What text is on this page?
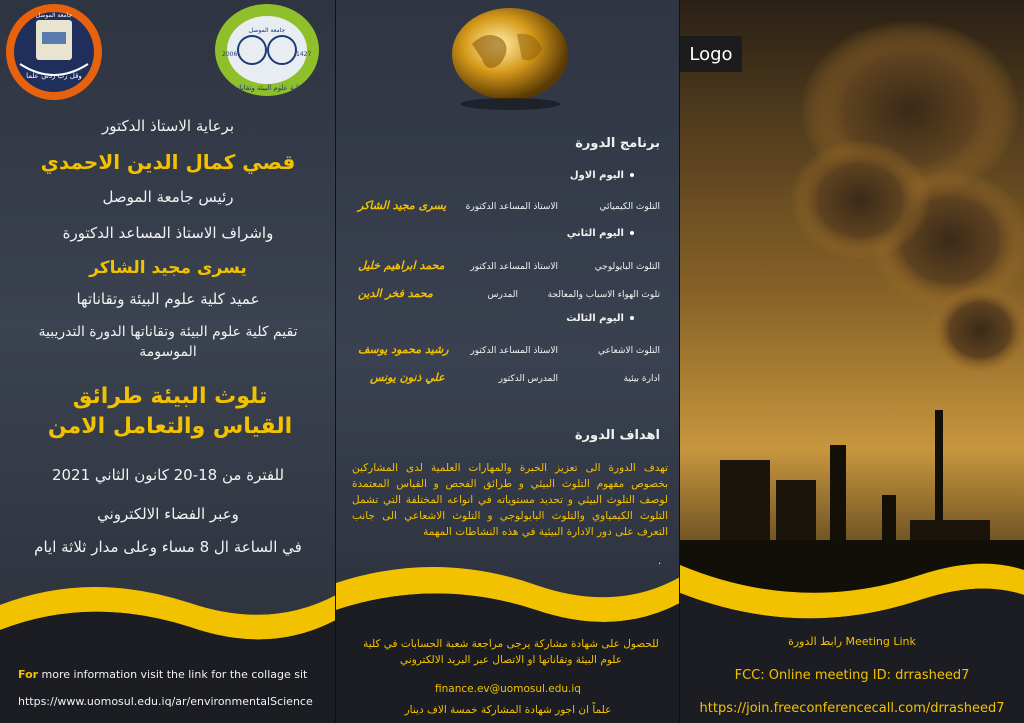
وقل رب زدني علما
جامعة الموصل
كلية علوم البيئة وتقاناتها
2006	1427
جامعة الموصل
برعاية الاستاذ الدكتور
قصي كمال الدين الاحمدي
رئيس جامعة الموصل
واشراف الاستاذ المساعد الدكتورة
يسرى مجيد الشاكر
عميد كلية علوم البيئة وتقاناتها
تقيم كلية علوم البيئة وتقاناتها الدورة التدريبية الموسومة
تلوث البيئة طرائق القياس والتعامل الامن
للفترة من 18-20 كانون الثاني 2021
وعبر الفضاء الالكتروني
في الساعة ال 8 مساء وعلى مدار ثلاثة ايام
For more information visit the link for the collage sit
https://www.uomosul.edu.iq/ar/environmentalScience
برنامج الدورة
اليوم الاول
التلوث الكيميائي
الاستاذ المساعد الدكتورة
يسرى مجيد الشاكر
اليوم الثاني
التلوث البايولوجي
الاستاذ المساعد الدكتور
محمد ابراهيم خليل
تلوث الهواء الاسباب والمعالجة
المدرس
محمد فخر الدين
اليوم الثالث
التلوث الاشعاعي
الاستاذ المساعد الدكتور
رشيد محمود يوسف
ادارة بيئية
المدرس الدكتور
علي ذنون يونس
اهداف الدورة
تهدف الدورة الى تعزيز الخبرة والمهارات العلمية لدى المشاركين بخصوص مفهوم التلوث البيئي و طرائق الفحص و القياس المعتمدة لوصف التلوث البيئي و تحديد مستوياته في انواعه المختلفة التي تشمل التلوث الكيمياوي والتلوث البايولوجي و التلوث الاشعاعي الى جانب التعرف على دور الادارة البيئية في هذه النشاطات المهمة
.
للحصول على شهادة مشاركة يرجى مراجعة شعبة الحسابات في كلية علوم البيئة وتقاناتها او الاتصال عبر البريد الالكتروني
finance.ev@uomosul.edu.iq
علماً ان اجور شهادة المشاركة خمسة الاف دينار
رابط الدورة Meeting Link
FCC: Online meeting ID: drrasheed7
https://join.freeconferencecall.com/drrasheed7
Logo
